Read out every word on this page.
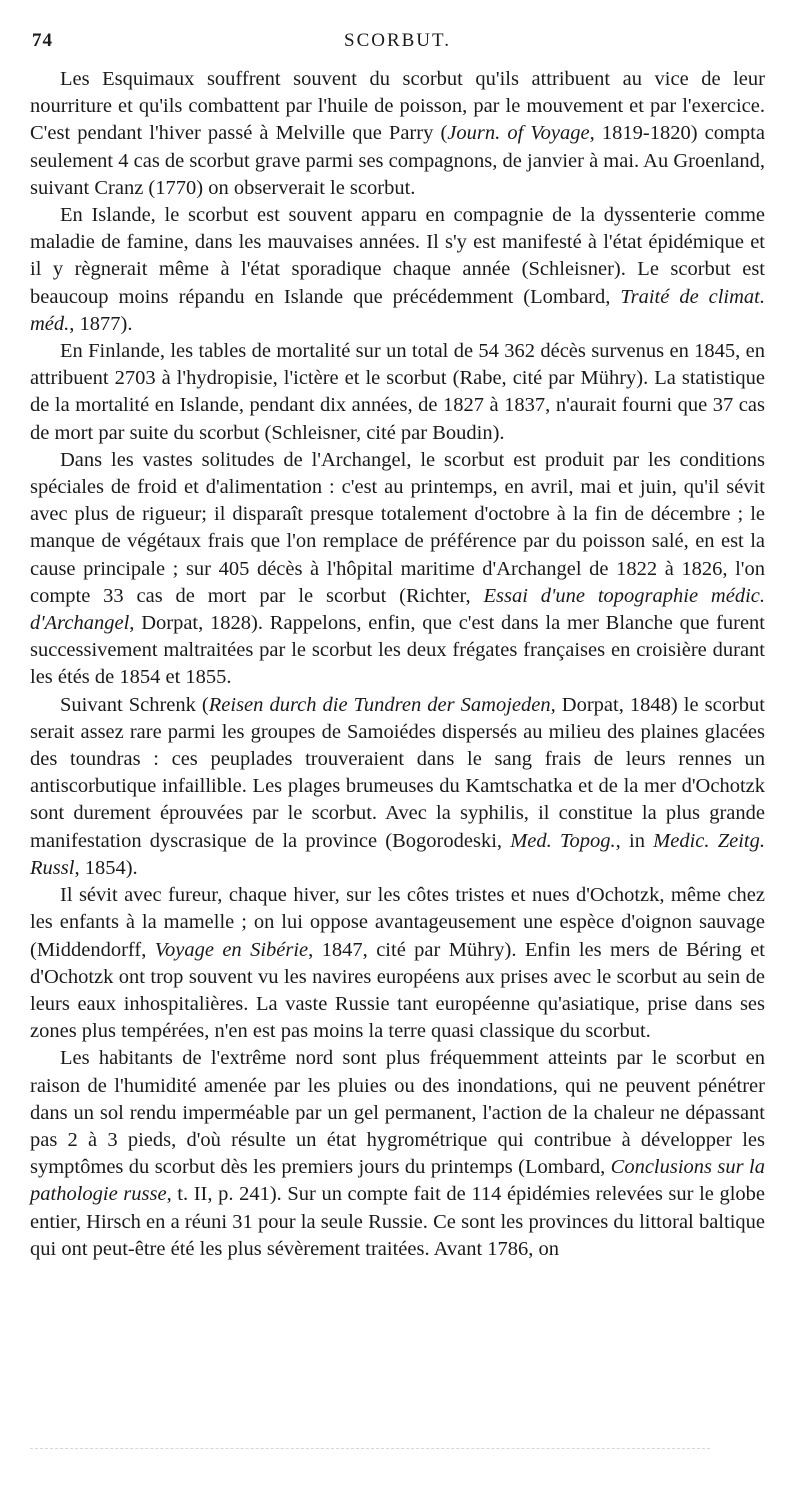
74	SCORBUT.

Les Esquimaux souffrent souvent du scorbut qu'ils attribuent au vice de leur nourriture et qu'ils combattent par l'huile de poisson, par le mouvement et par l'exercice. C'est pendant l'hiver passé à Melville que Parry (Journ. of Voyage, 1819-1820) compta seulement 4 cas de scorbut grave parmi ses compagnons, de janvier à mai. Au Groenland, suivant Cranz (1770) on observerait le scorbut.

En Islande, le scorbut est souvent apparu en compagnie de la dyssenterie comme maladie de famine, dans les mauvaises années. Il s'y est manifesté à l'état épidémique et il y règnerait même à l'état sporadique chaque année (Schleisner). Le scorbut est beaucoup moins répandu en Islande que précédemment (Lombard, Traité de climat. méd., 1877).

En Finlande, les tables de mortalité sur un total de 54 362 décès survenus en 1845, en attribuent 2703 à l'hydropisie, l'ictère et le scorbut (Rabe, cité par Mühry). La statistique de la mortalité en Islande, pendant dix années, de 1827 à 1837, n'aurait fourni que 37 cas de mort par suite du scorbut (Schleisner, cité par Boudin).

Dans les vastes solitudes de l'Archangel, le scorbut est produit par les conditions spéciales de froid et d'alimentation : c'est au printemps, en avril, mai et juin, qu'il sévit avec plus de rigueur; il disparaît presque totalement d'octobre à la fin de décembre ; le manque de végétaux frais que l'on remplace de préférence par du poisson salé, en est la cause principale ; sur 405 décès à l'hôpital maritime d'Archangel de 1822 à 1826, l'on compte 33 cas de mort par le scorbut (Richter, Essai d'une topographie médic. d'Archangel, Dorpat, 1828). Rappelons, enfin, que c'est dans la mer Blanche que furent successivement maltraitées par le scorbut les deux frégates françaises en croisière durant les étés de 1854 et 1855.

Suivant Schrenk (Reisen durch die Tundren der Samojeden, Dorpat, 1848) le scorbut serait assez rare parmi les groupes de Samoiédes dispersés au milieu des plaines glacées des toundras : ces peuplades trouveraient dans le sang frais de leurs rennes un antiscorbutique infaillible. Les plages brumeuses du Kamtschatka et de la mer d'Ochotzk sont durement éprouvées par le scorbut. Avec la syphilis, il constitue la plus grande manifestation dyscrasique de la province (Bogorodeski, Med. Topog., in Medic. Zeitg. Russl, 1854).

Il sévit avec fureur, chaque hiver, sur les côtes tristes et nues d'Ochotzk, même chez les enfants à la mamelle ; on lui oppose avantageusement une espèce d'oignon sauvage (Middendorff, Voyage en Sibérie, 1847, cité par Mühry). Enfin les mers de Béring et d'Ochotzk ont trop souvent vu les navires européens aux prises avec le scorbut au sein de leurs eaux inhospitalières. La vaste Russie tant européenne qu'asiatique, prise dans ses zones plus tempérées, n'en est pas moins la terre quasi classique du scorbut.

Les habitants de l'extrême nord sont plus fréquemment atteints par le scorbut en raison de l'humidité amenée par les pluies ou des inondations, qui ne peuvent pénétrer dans un sol rendu imperméable par un gel permanent, l'action de la chaleur ne dépassant pas 2 à 3 pieds, d'où résulte un état hygrométrique qui contribue à développer les symptômes du scorbut dès les premiers jours du printemps (Lombard, Conclusions sur la pathologie russe, t. II, p. 241). Sur un compte fait de 114 épidémies relevées sur le globe entier, Hirsch en a réuni 31 pour la seule Russie. Ce sont les provinces du littoral baltique qui ont peut-être été les plus sévèrement traitées. Avant 1786, on
